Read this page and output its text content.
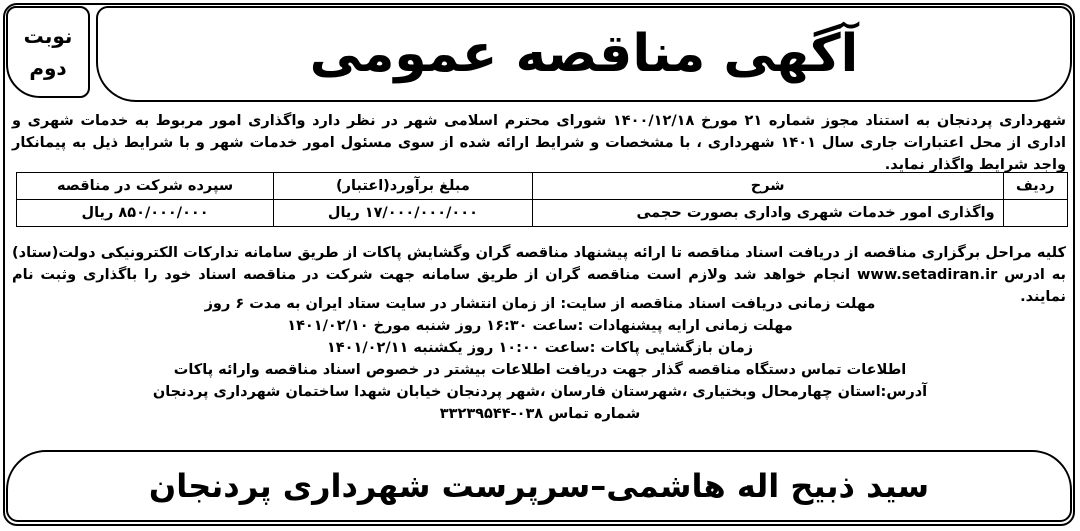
نوبت
دوم	آگهی مناقصه عمومی
شهرداری پردنجان به استناد مجوز شماره ۲۱ مورخ ۱۴۰۰/۱۲/۱۸ شورای محترم اسلامی شهر در نظر دارد واگذاری امور مربوط به خدمات شهری و اداری از محل اعتبارات جاری سال ۱۴۰۱ شهرداری ، با مشخصات و شرایط ارائه شده از سوی مسئول امور خدمات شهر و با شرایط ذیل به پیمانکار واجد شرایط واگذار نماید.
ردیف	شرح	مبلغ برآورد(اعتبار)	سپرده شرکت در مناقصه
	واگذاری امور خدمات شهری واداری بصورت حجمی	۱۷/۰۰۰/۰۰۰/۰۰۰ ریال	۸۵۰/۰۰۰/۰۰۰ ریال
کلیه مراحل برگزاری مناقصه از دریافت اسناد مناقصه تا ارائه پیشنهاد مناقصه گران وگشایش پاکات از طریق سامانه تدارکات الکترونیکی دولت(ستاد) به ادرس www.setadiran.ir انجام خواهد شد ولازم است مناقصه گران از طریق سامانه جهت شرکت در مناقصه اسناد خود را باگذاری وثبت نام نمایند.
مهلت زمانی دریافت اسناد مناقصه از سایت: از زمان انتشار در سایت ستاد ایران به مدت ۶ روز
مهلت زمانی ارایه پیشنهادات :ساعت ۱۶:۳۰ روز شنبه مورخ ۱۴۰۱/۰۲/۱۰
زمان بازگشایی پاکات :ساعت ۱۰:۰۰ روز یکشنبه ۱۴۰۱/۰۲/۱۱
اطلاعات تماس دستگاه مناقصه گذار جهت دریافت اطلاعات بیشتر در خصوص اسناد مناقصه وارائه پاکات
آدرس:استان چهارمحال وبختیاری ،شهرستان فارسان ،شهر پردنجان خیابان شهدا ساختمان شهرداری پردنجان
شماره تماس ۰۳۸-۳۳۲۳۹۵۴۴
سید ذبیح اله هاشمی–سرپرست شهرداری پردنجان
